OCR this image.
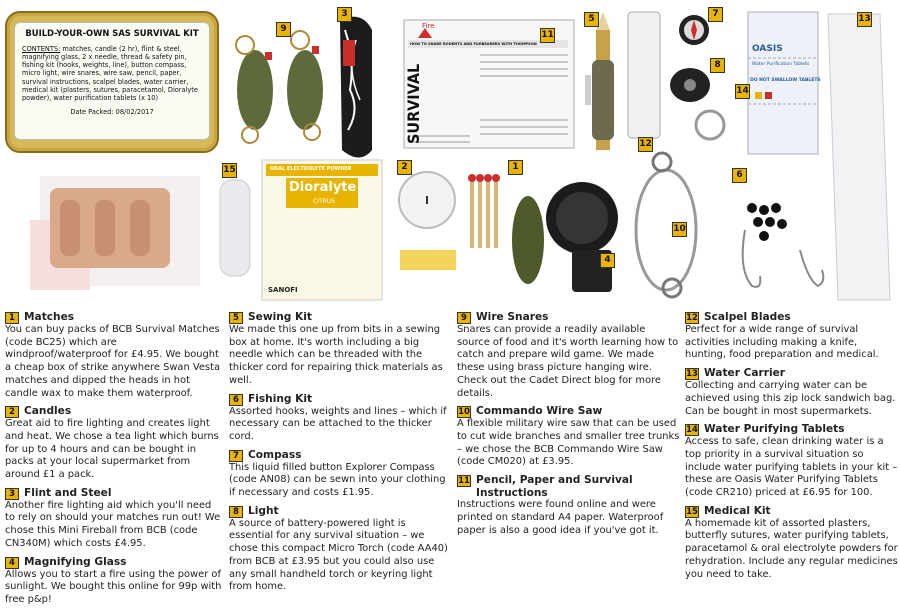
BUILD-YOUR-OWN SAS SURVIVAL KIT
CONTENTS: matches, candle (2 hr), flint & steel, magnifying glass, 2 x needle, thread & safety pin, fishing kit (hooks, weights, line), button compass, micro light, wire snares, wire saw, pencil, paper, survival instructions, scalpel blades, water carrier, medical kit (plasters, sutures, paracetamol, Dioralyte powder), water purification tablets (x 10)
Date Packed: 08/02/2017
Fire
HOW TO SNARE RODENTS AND FURBEARERS WITH THOMPSON
SURVIVAL
ORAL ELECTROLYTE POWDER
Dioralyte
CITRUS
SANOFI
OASIS
Water Purification Tablets
DO NOT SWALLOW TABLETS
1
2
3
4
5
6
7
8
9
10
11
12
13
14
15
1 Matches
You can buy packs of BCB Survival Matches (code BC25) which are windproof/waterproof for £4.95. We bought a cheap box of strike anywhere Swan Vesta matches and dipped the heads in hot candle wax to make them waterproof.
2 Candles
Great aid to fire lighting and creates light and heat. We chose a tea light which burns for up to 4 hours and can be bought in packs at your local supermarket from around £1 a pack.
3 Flint and Steel
Another fire lighting aid which you'll need to rely on should your matches run out! We chose this Mini Fireball from BCB (code CN340M) which costs £4.95.
4 Magnifying Glass
Allows you to start a fire using the power of sunlight. We bought this online for 99p with free p&p!
5 Sewing Kit
We made this one up from bits in a sewing box at home. It's worth including a big needle which can be threaded with the thicker cord for repairing thick materials as well.
6 Fishing Kit
Assorted hooks, weights and lines – which if necessary can be attached to the thicker cord.
7 Compass
This liquid filled button Explorer Compass (code AN08) can be sewn into your clothing if necessary and costs £1.95.
8 Light
A source of battery-powered light is essential for any survival situation – we chose this compact Micro Torch (code AA40) from BCB at £3.95 but you could also use any small handheld torch or keyring light from home.
9 Wire Snares
Snares can provide a readily available source of food and it's worth learning how to catch and prepare wild game. We made these using brass picture hanging wire. Check out the Cadet Direct blog for more details.
10 Commando Wire Saw
A flexible military wire saw that can be used to cut wide branches and smaller tree trunks – we chose the BCB Commando Wire Saw (code CM020) at £3.95.
11 Pencil, Paper and Survival Instructions
Instructions were found online and were printed on standard A4 paper. Waterproof paper is also a good idea if you've got it.
12 Scalpel Blades
Perfect for a wide range of survival activities including making a knife, hunting, food preparation and medical.
13 Water Carrier
Collecting and carrying water can be achieved using this zip lock sandwich bag. Can be bought in most supermarkets.
14 Water Purifying Tablets
Access to safe, clean drinking water is a top priority in a survival situation so include water purifying tablets in your kit – these are Oasis Water Purifying Tablets (code CR210) priced at £6.95 for 100.
15 Medical Kit
A homemade kit of assorted plasters, butterfly sutures, water purifying tablets, paracetamol & oral electrolyte powders for rehydration. Include any regular medicines you need to take.
